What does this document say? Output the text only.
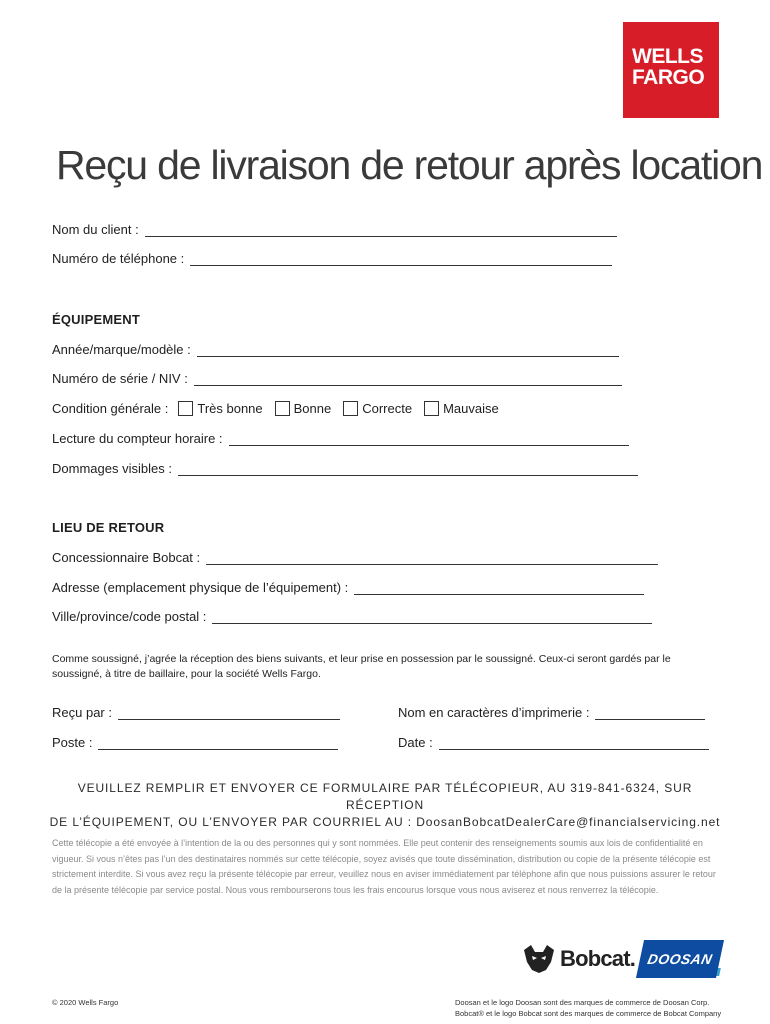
WELLS
FARGO
Reçu de livraison de retour après location
Nom du client :
Numéro de téléphone :
ÉQUIPEMENT
Année/marque/modèle :
Numéro de série / NIV :
Condition générale : Très bonne Bonne Correcte Mauvaise
Lecture du compteur horaire :
Dommages visibles :
LIEU DE RETOUR
Concessionnaire Bobcat :
Adresse (emplacement physique de l’équipement) :
Ville/province/code postal :
Comme soussigné, j’agrée la réception des biens suivants, et leur prise en possession par le soussigné. Ceux-ci seront gardés par le soussigné, à titre de baillaire, pour la société Wells Fargo.
Reçu par :	Nom en caractères d’imprimerie :
Poste :	Date :
VEUILLEZ REMPLIR ET ENVOYER CE FORMULAIRE PAR TÉLÉCOPIEUR, AU 319-841-6324, SUR RÉCEPTION
DE L’ÉQUIPEMENT, OU L’ENVOYER PAR COURRIEL AU : DoosanBobcatDealerCare@financialservicing.net
Cette télécopie a été envoyée à l’intention de la ou des personnes qui y sont nommées. Elle peut contenir des renseignements soumis aux lois de confidentialité en vigueur. Si vous n’êtes pas l’un des destinataires nommés sur cette télécopie, soyez avisés que toute dissémination, distribution ou copie de la présente télécopie est strictement interdite. Si vous avez reçu la présente télécopie par erreur, veuillez nous en aviser immédiatement par téléphone afin que nous puissions assurer le retour de la présente télécopie par service postal. Nous vous rembourserons tous les frais encourus lorsque vous nous aviserez et nous renverrez la télécopie.
Bobcat. DOOSAN
© 2020 Wells Fargo	Doosan et le logo Doosan sont des marques de commerce de Doosan Corp.
Bobcat® et le logo Bobcat sont des marques de commerce de Bobcat Company
